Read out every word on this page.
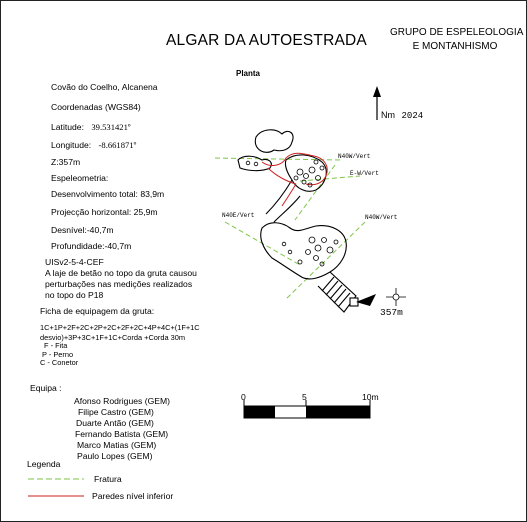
ALGAR DA AUTOESTRADA GRUPO DE ESPELEOLOGIA
E MONTANHISMO
Planta
Covão do Coelho, Alcanena
Coordenadas (WGS84)
Latitude: 39.531421º
Longitude: -8.661871º
Z:357m
Espeleometria:
Desenvolvimento total: 83,9m
Projecção horizontal: 25,9m
Desnível:-40,7m
Profundidade:-40,7m
UISv2-5-4-CEF
A laje de betão no topo da gruta causou
perturbações nas medições realizados
no topo do P18
Ficha de equipagem da gruta:
1C+1P+2F+2C+2P+2C+2F+2C+4P+4C+(1F+1C
desvio)+3P+3C+1F+1C+Corda +Corda 30m
F - Fita
P - Perno
C - Conetor
Equipa :
Afonso Rodrigues (GEM)
Filipe Castro (GEM)
Duarte Antão (GEM)
Fernando Batista (GEM)
Marco Matias (GEM)
Paulo Lopes (GEM)
Legenda
Fratura
Paredes nível inferior
0	5	10m
Nm 2024
N40W/Vert
E-W/Vert
N40E/Vert	N40W/Vert
357m
